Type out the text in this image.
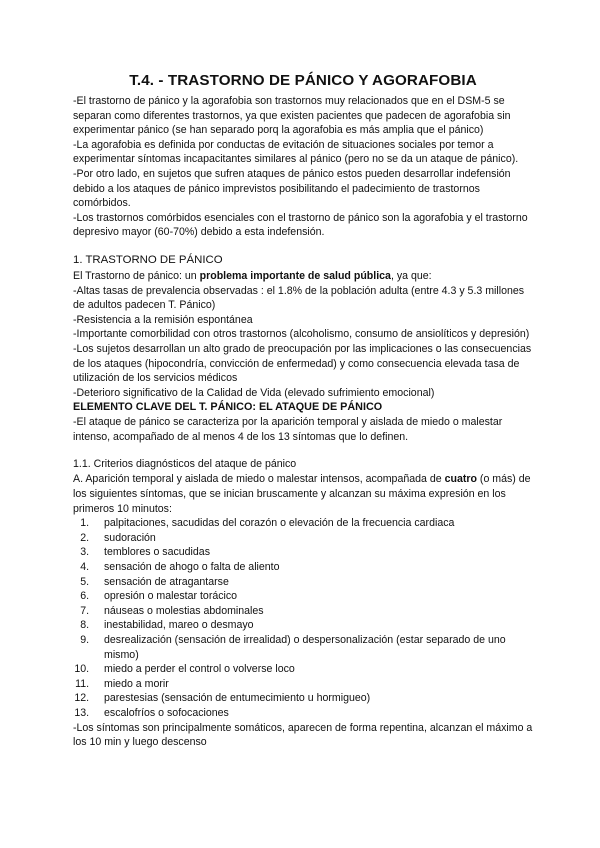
T.4. - TRASTORNO DE PÁNICO Y AGORAFOBIA

-El trastorno de pánico y la agorafobia son trastornos muy relacionados que en el DSM-5 se separan como diferentes trastornos, ya que existen pacientes que padecen de agorafobia sin experimentar pánico (se han separado porq la agorafobia es más amplia que el pánico)

-La agorafobia es definida por conductas de evitación de situaciones sociales por temor a experimentar síntomas incapacitantes similares al pánico (pero no se da un ataque de pánico).

-Por otro lado, en sujetos que sufren ataques de pánico estos pueden desarrollar indefensión debido a los ataques de pánico imprevistos posibilitando el padecimiento de trastornos comórbidos.

-Los trastornos comórbidos esenciales con el trastorno de pánico son la agorafobia y el trastorno depresivo mayor (60-70%) debido a esta indefensión.

1. TRASTORNO DE PÁNICO

El Trastorno de pánico: un problema importante de salud pública, ya que:

-Altas tasas de prevalencia observadas : el 1.8% de la población adulta (entre 4.3 y 5.3 millones de adultos padecen T. Pánico)

-Resistencia a la remisión espontánea

-Importante comorbilidad con otros trastornos (alcoholismo, consumo de ansiolíticos y depresión)

-Los sujetos desarrollan un alto grado de preocupación por las implicaciones o las consecuencias de los ataques (hipocondría, convicción de enfermedad) y como consecuencia elevada tasa de utilización de los servicios médicos

-Deterioro significativo de la Calidad de Vida (elevado sufrimiento emocional)

ELEMENTO CLAVE DEL T. PÁNICO: EL ATAQUE DE PÁNICO

-El ataque de pánico se caracteriza por la aparición temporal y aislada de miedo o malestar intenso, acompañado de al menos 4 de los 13 síntomas que lo definen.

1.1. Criterios diagnósticos del ataque de pánico

A. Aparición temporal y aislada de miedo o malestar intensos, acompañada de cuatro (o más) de los siguientes síntomas, que se inician bruscamente y alcanzan su máxima expresión en los primeros 10 minutos:

1. palpitaciones, sacudidas del corazón o elevación de la frecuencia cardiaca
2. sudoración
3. temblores o sacudidas
4. sensación de ahogo o falta de aliento
5. sensación de atragantarse
6. opresión o malestar torácico
7. náuseas o molestias abdominales
8. inestabilidad, mareo o desmayo
9. desrealización (sensación de irrealidad) o despersonalización (estar separado de uno mismo)
10. miedo a perder el control o volverse loco
11. miedo a morir
12. parestesias (sensación de entumecimiento u hormigueo)
13. escalofríos o sofocaciones

-Los síntomas son principalmente somáticos, aparecen de forma repentina, alcanzan el máximo a los 10 min y luego descenso
